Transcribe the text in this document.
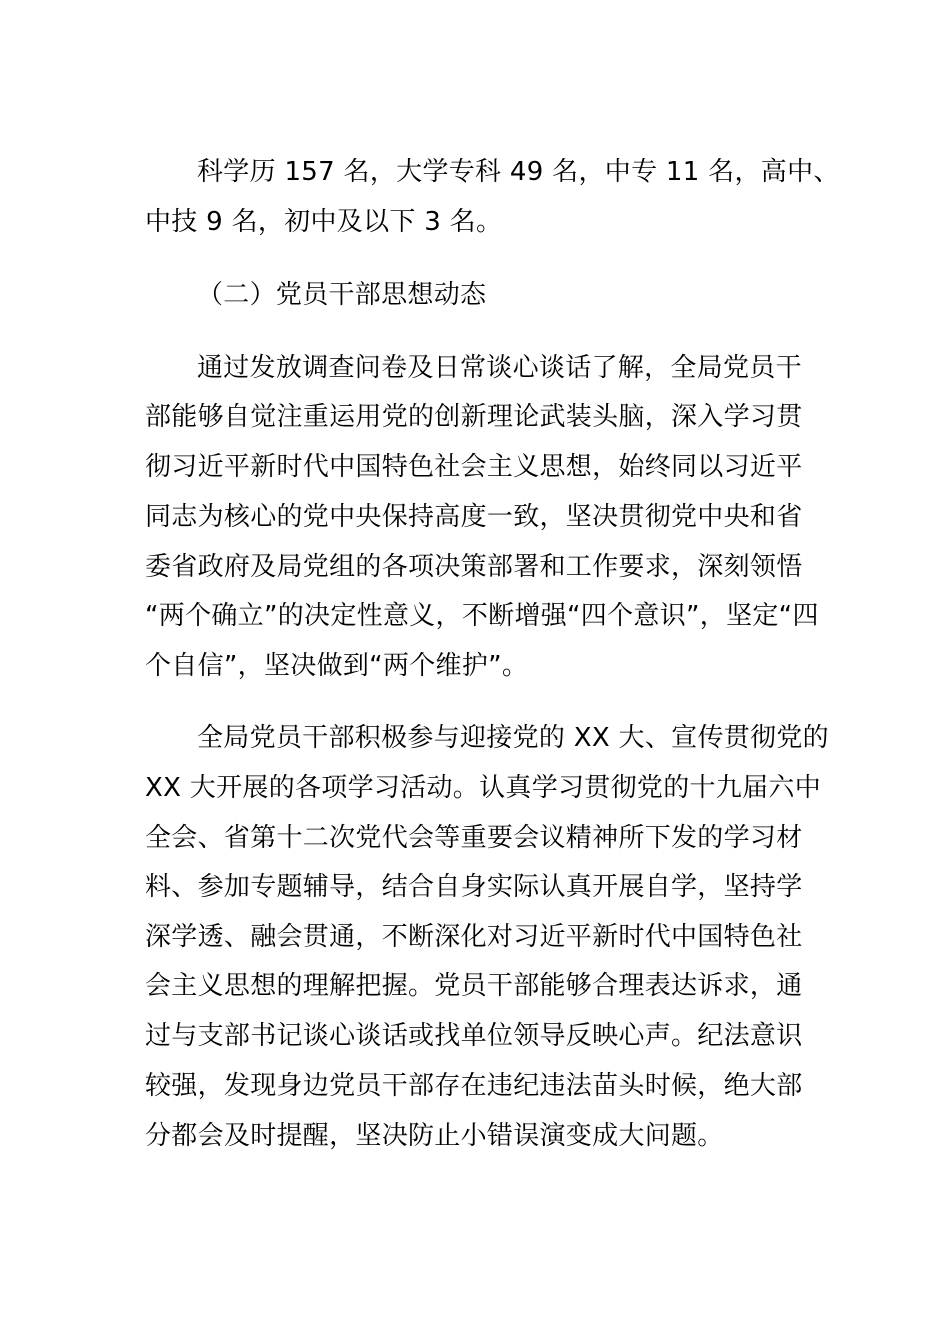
科学历 157 名，大学专科 49 名，中专 11 名，高中、
中技 9 名，初中及以下 3 名。
（二）党员干部思想动态
通过发放调查问卷及日常谈心谈话了解，全局党员干
部能够自觉注重运用党的创新理论武装头脑，深入学习贯
彻习近平新时代中国特色社会主义思想，始终同以习近平
同志为核心的党中央保持高度一致，坚决贯彻党中央和省
委省政府及局党组的各项决策部署和工作要求，深刻领悟
“两个确立”的决定性意义，不断增强“四个意识”，坚定“四
个自信”，坚决做到“两个维护”。
全局党员干部积极参与迎接党的 XX 大、宣传贯彻党的
XX 大开展的各项学习活动。认真学习贯彻党的十九届六中
全会、省第十二次党代会等重要会议精神所下发的学习材
料、参加专题辅导，结合自身实际认真开展自学，坚持学
深学透、融会贯通，不断深化对习近平新时代中国特色社
会主义思想的理解把握。党员干部能够合理表达诉求，通
过与支部书记谈心谈话或找单位领导反映心声。纪法意识
较强，发现身边党员干部存在违纪违法苗头时候，绝大部
分都会及时提醒，坚决防止小错误演变成大问题。
